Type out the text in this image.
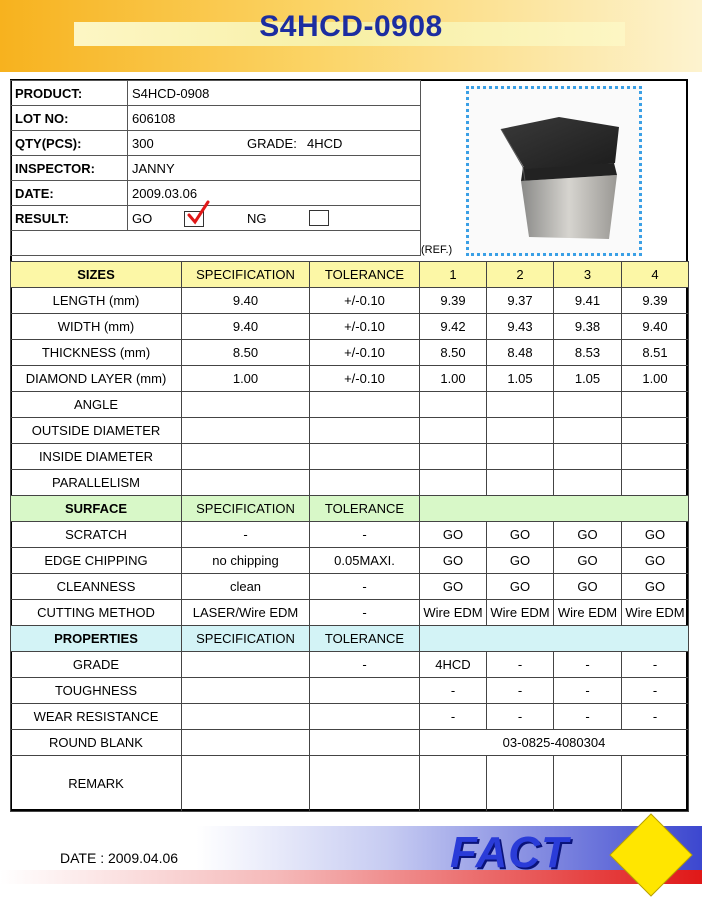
S4HCD-0908
PRODUCT:	S4HCD-0908
LOT NO:	606108
QTY(PCS):	300 GRADE: 4HCD

INSPECTOR:	JANNY
DATE:	2009.03.06
RESULT:	GO NG

(REF.)
SIZES	SPECIFICATION	TOLERANCE	1	2	3	4
LENGTH (mm)	9.40	+/-0.10	9.39	9.37	9.41	9.39
WIDTH (mm)	9.40	+/-0.10	9.42	9.43	9.38	9.40
THICKNESS (mm)	8.50	+/-0.10	8.50	8.48	8.53	8.51
DIAMOND LAYER (mm)	1.00	+/-0.10	1.00	1.05	1.05	1.00
ANGLE						
OUTSIDE DIAMETER						
INSIDE DIAMETER						
PARALLELISM						
SURFACE	SPECIFICATION	TOLERANCE				
SCRATCH	-	-	GO	GO	GO	GO
EDGE CHIPPING	no chipping	0.05MAXI.	GO	GO	GO	GO
CLEANNESS	clean	-	GO	GO	GO	GO
CUTTING METHOD	LASER/Wire EDM	-	Wire EDM	Wire EDM	Wire EDM	Wire EDM
PROPERTIES	SPECIFICATION	TOLERANCE				
GRADE		-	4HCD	-	-	-
TOUGHNESS			-	-	-	-
WEAR RESISTANCE			-	-	-	-
ROUND BLANK			03-0825-4080304			
REMARK						
DATE : 2009.04.06	FACT
